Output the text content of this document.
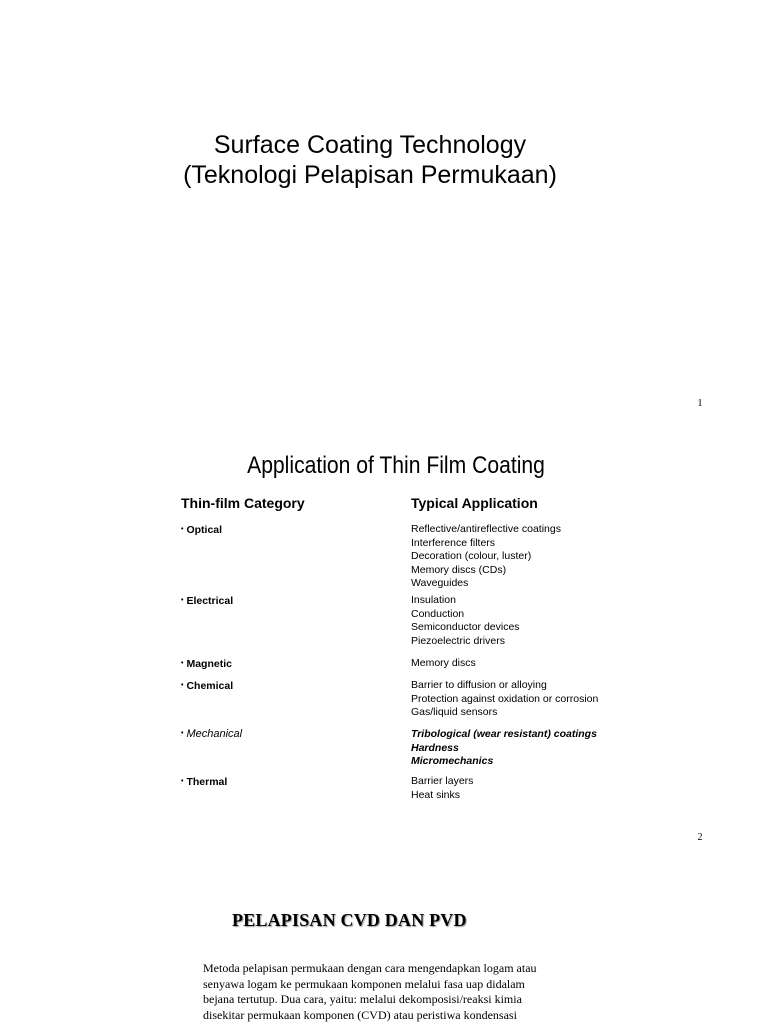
Surface Coating Technology
(Teknologi Pelapisan Permukaan)
1
Application of Thin Film Coating
Thin-film Category	Typical Application
• Optical	Reflective/antireflective coatings
Interference filters
Decoration (colour, luster)
Memory discs (CDs)
Waveguides
• Electrical	Insulation
Conduction
Semiconductor devices
Piezoelectric drivers
• Magnetic	Memory discs
• Chemical	Barrier to diffusion or alloying
Protection against oxidation or corrosion
Gas/liquid sensors
• Mechanical	Tribological (wear resistant) coatings
Hardness
Micromechanics
• Thermal	Barrier layers
Heat sinks
2
PELAPISAN CVD DAN PVD
Metoda pelapisan permukaan dengan cara mengendapkan logam atau
senyawa logam ke permukaan komponen melalui fasa uap didalam
bejana tertutup. Dua cara, yaitu: melalui dekomposisi/reaksi kimia
disekitar permukaan komponen (CVD) atau peristiwa kondensasi
